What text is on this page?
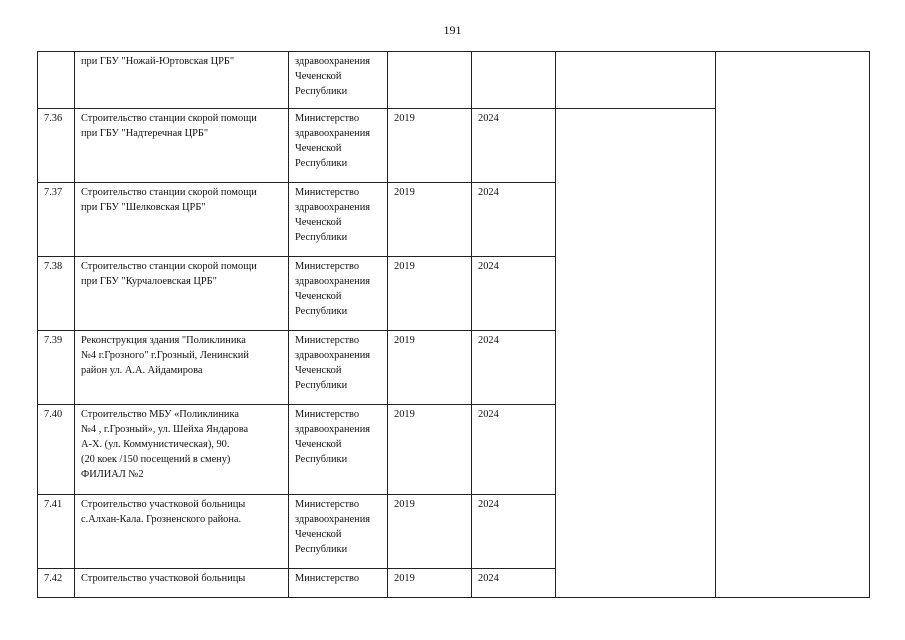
191

	при ГБУ "Ножай-Юртовская ЦРБ"	здравоохранения
Чеченской
Республики				

7.36	Строительство станции скорой помощи
при ГБУ "Надтеречная ЦРБ"	Министерство
здравоохранения
Чеченской
Республики	2019	2024		
7.37	Строительство станции скорой помощи
при ГБУ "Шелковская ЦРБ"	Министерство
здравоохранения
Чеченской
Республики	2019	2024		
7.38	Строительство станции скорой помощи
при ГБУ "Курчалоевская ЦРБ"	Министерство
здравоохранения
Чеченской
Республики	2019	2024		
7.39	Реконструкция здания "Поликлиника
№4 г.Грозного" г.Грозный, Ленинский
район ул. А.А. Айдамирова	Министерство
здравоохранения
Чеченской
Республики	2019	2024		
7.40	Строительство МБУ «Поликлиника
№4 , г.Грозный», ул. Шейха Яндарова
А-Х. (ул. Коммунистическая), 90.
(20 коек /150 посещений в смену)
ФИЛИАЛ №2	Министерство
здравоохранения
Чеченской
Республики	2019	2024		
7.41	Строительство участковой больницы
с.Алхан-Кала. Грозненского района.	Министерство
здравоохранения
Чеченской
Республики	2019	2024		
7.42	Строительство участковой больницы	Министерство	2019	2024		
